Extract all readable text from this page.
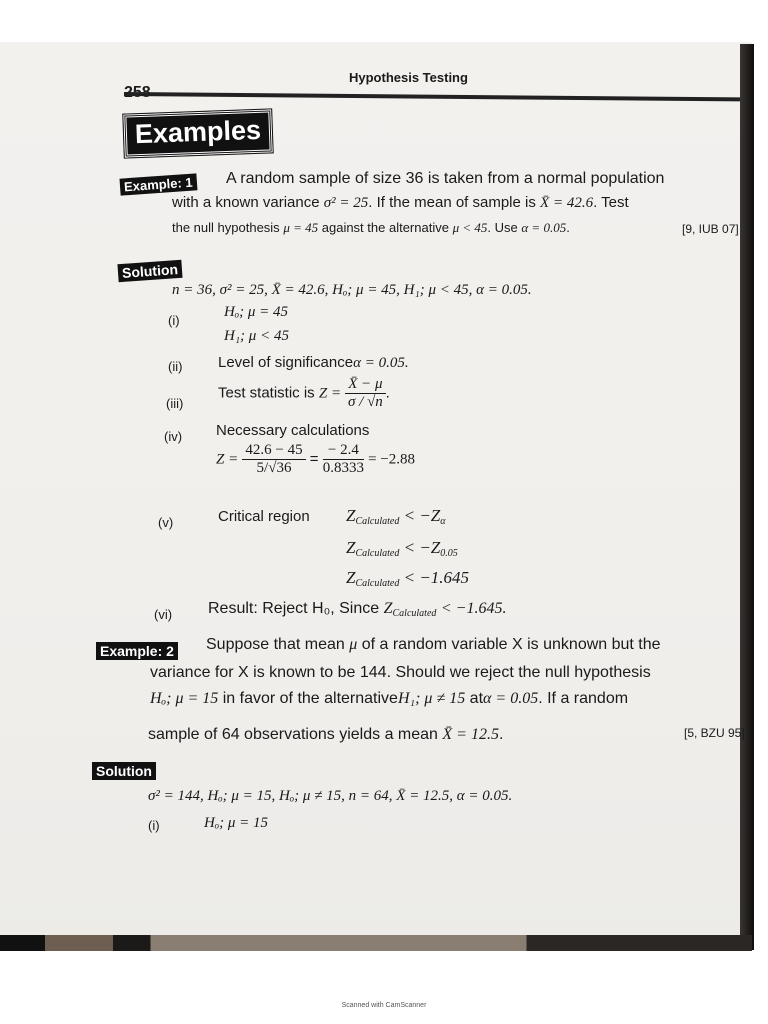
Hypothesis Testing
Examples
Example: 1 A random sample of size 36 is taken from a normal population
with a known variance σ² = 25. If the mean of sample is X̄ = 42.6. Test
the null hypothesis μ = 45 against the alternative μ < 45. Use α = 0.05.	[9, IUB 07]
Solution
n = 36, σ² = 25, X̄ = 42.6, Hₒ; μ = 45, H₁; μ < 45, α = 0.05.
(i)
Hₒ; μ = 45
H₁; μ < 45
(ii) Level of significanceα = 0.05.
(iii)
Test statistic is $Z = \frac{X̄ - \mu}{\sigma / √n}$ .
(iv) Necessary calculations
$Z = \frac{42.6 - 45}{5/√36} = \frac{- 2.4}{0.8333} = -2.88$
(v)	Critical region $Z_{Calculated} < -Z_\alpha$
$Z_{Calculated} < -Z_{0.05}$
$Z_{Calculated} < -1.645$
(vi) Result: Reject H₀, Since $Z_{Calculated} < -1.645$.
Example: 2 Suppose that mean μ of a random variable X is unknown but the
variance for X is known to be 144. Should we reject the null hypothesis
Hₒ; μ = 15 in favor of the alternativeH₁; μ ≠ 15 atα = 0.05. If a random
sample of 64 observations yields a mean X̄ = 12.5.	[5, BZU 95]
Solution
σ² = 144, Hₒ; μ = 15, Hₒ; μ ≠ 15, n = 64, X̄ = 12.5, α = 0.05.
(i)	Hₒ; μ = 15
Scanned with CamScanner
